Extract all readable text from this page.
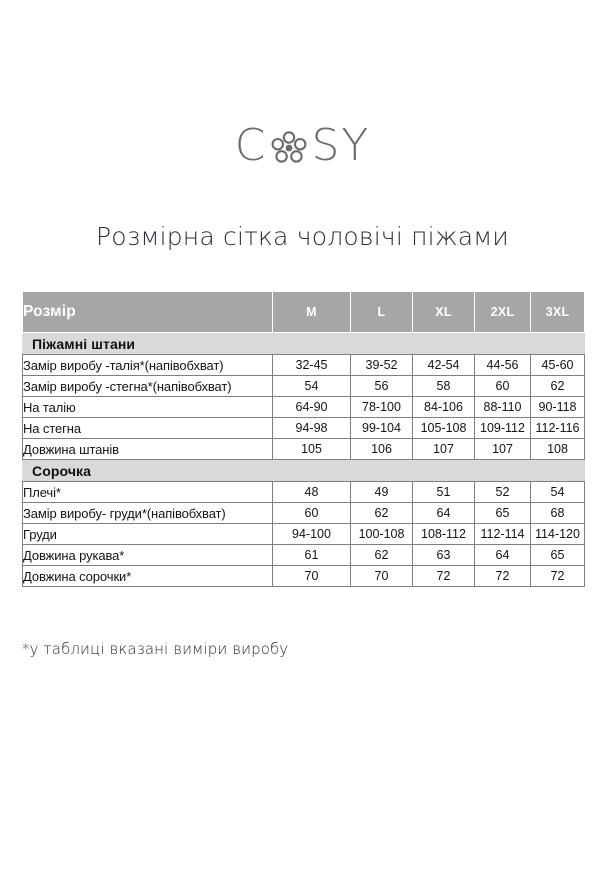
C SY
Розмірна сітка чоловічі піжами
Розмір	M	L	XL	2XL	3XL
Піжамні штани					
Замір виробу -талія*(напівобхват)	32-45	39-52	42-54	44-56	45-60
Замір виробу -стегна*(напівобхват)	54	56	58	60	62
На талію	64-90	78-100	84-106	88-110	90-118
На стегна	94-98	99-104	105-108	109-112	112-116
Довжина штанів	105	106	107	107	108
Сорочка					
Плечі*	48	49	51	52	54
Замір виробу- груди*(напівобхват)	60	62	64	65	68
Груди	94-100	100-108	108-112	112-114	114-120
Довжина рукава*	61	62	63	64	65
Довжина сорочки*	70	70	72	72	72
*у таблиці вказані виміри виробу
